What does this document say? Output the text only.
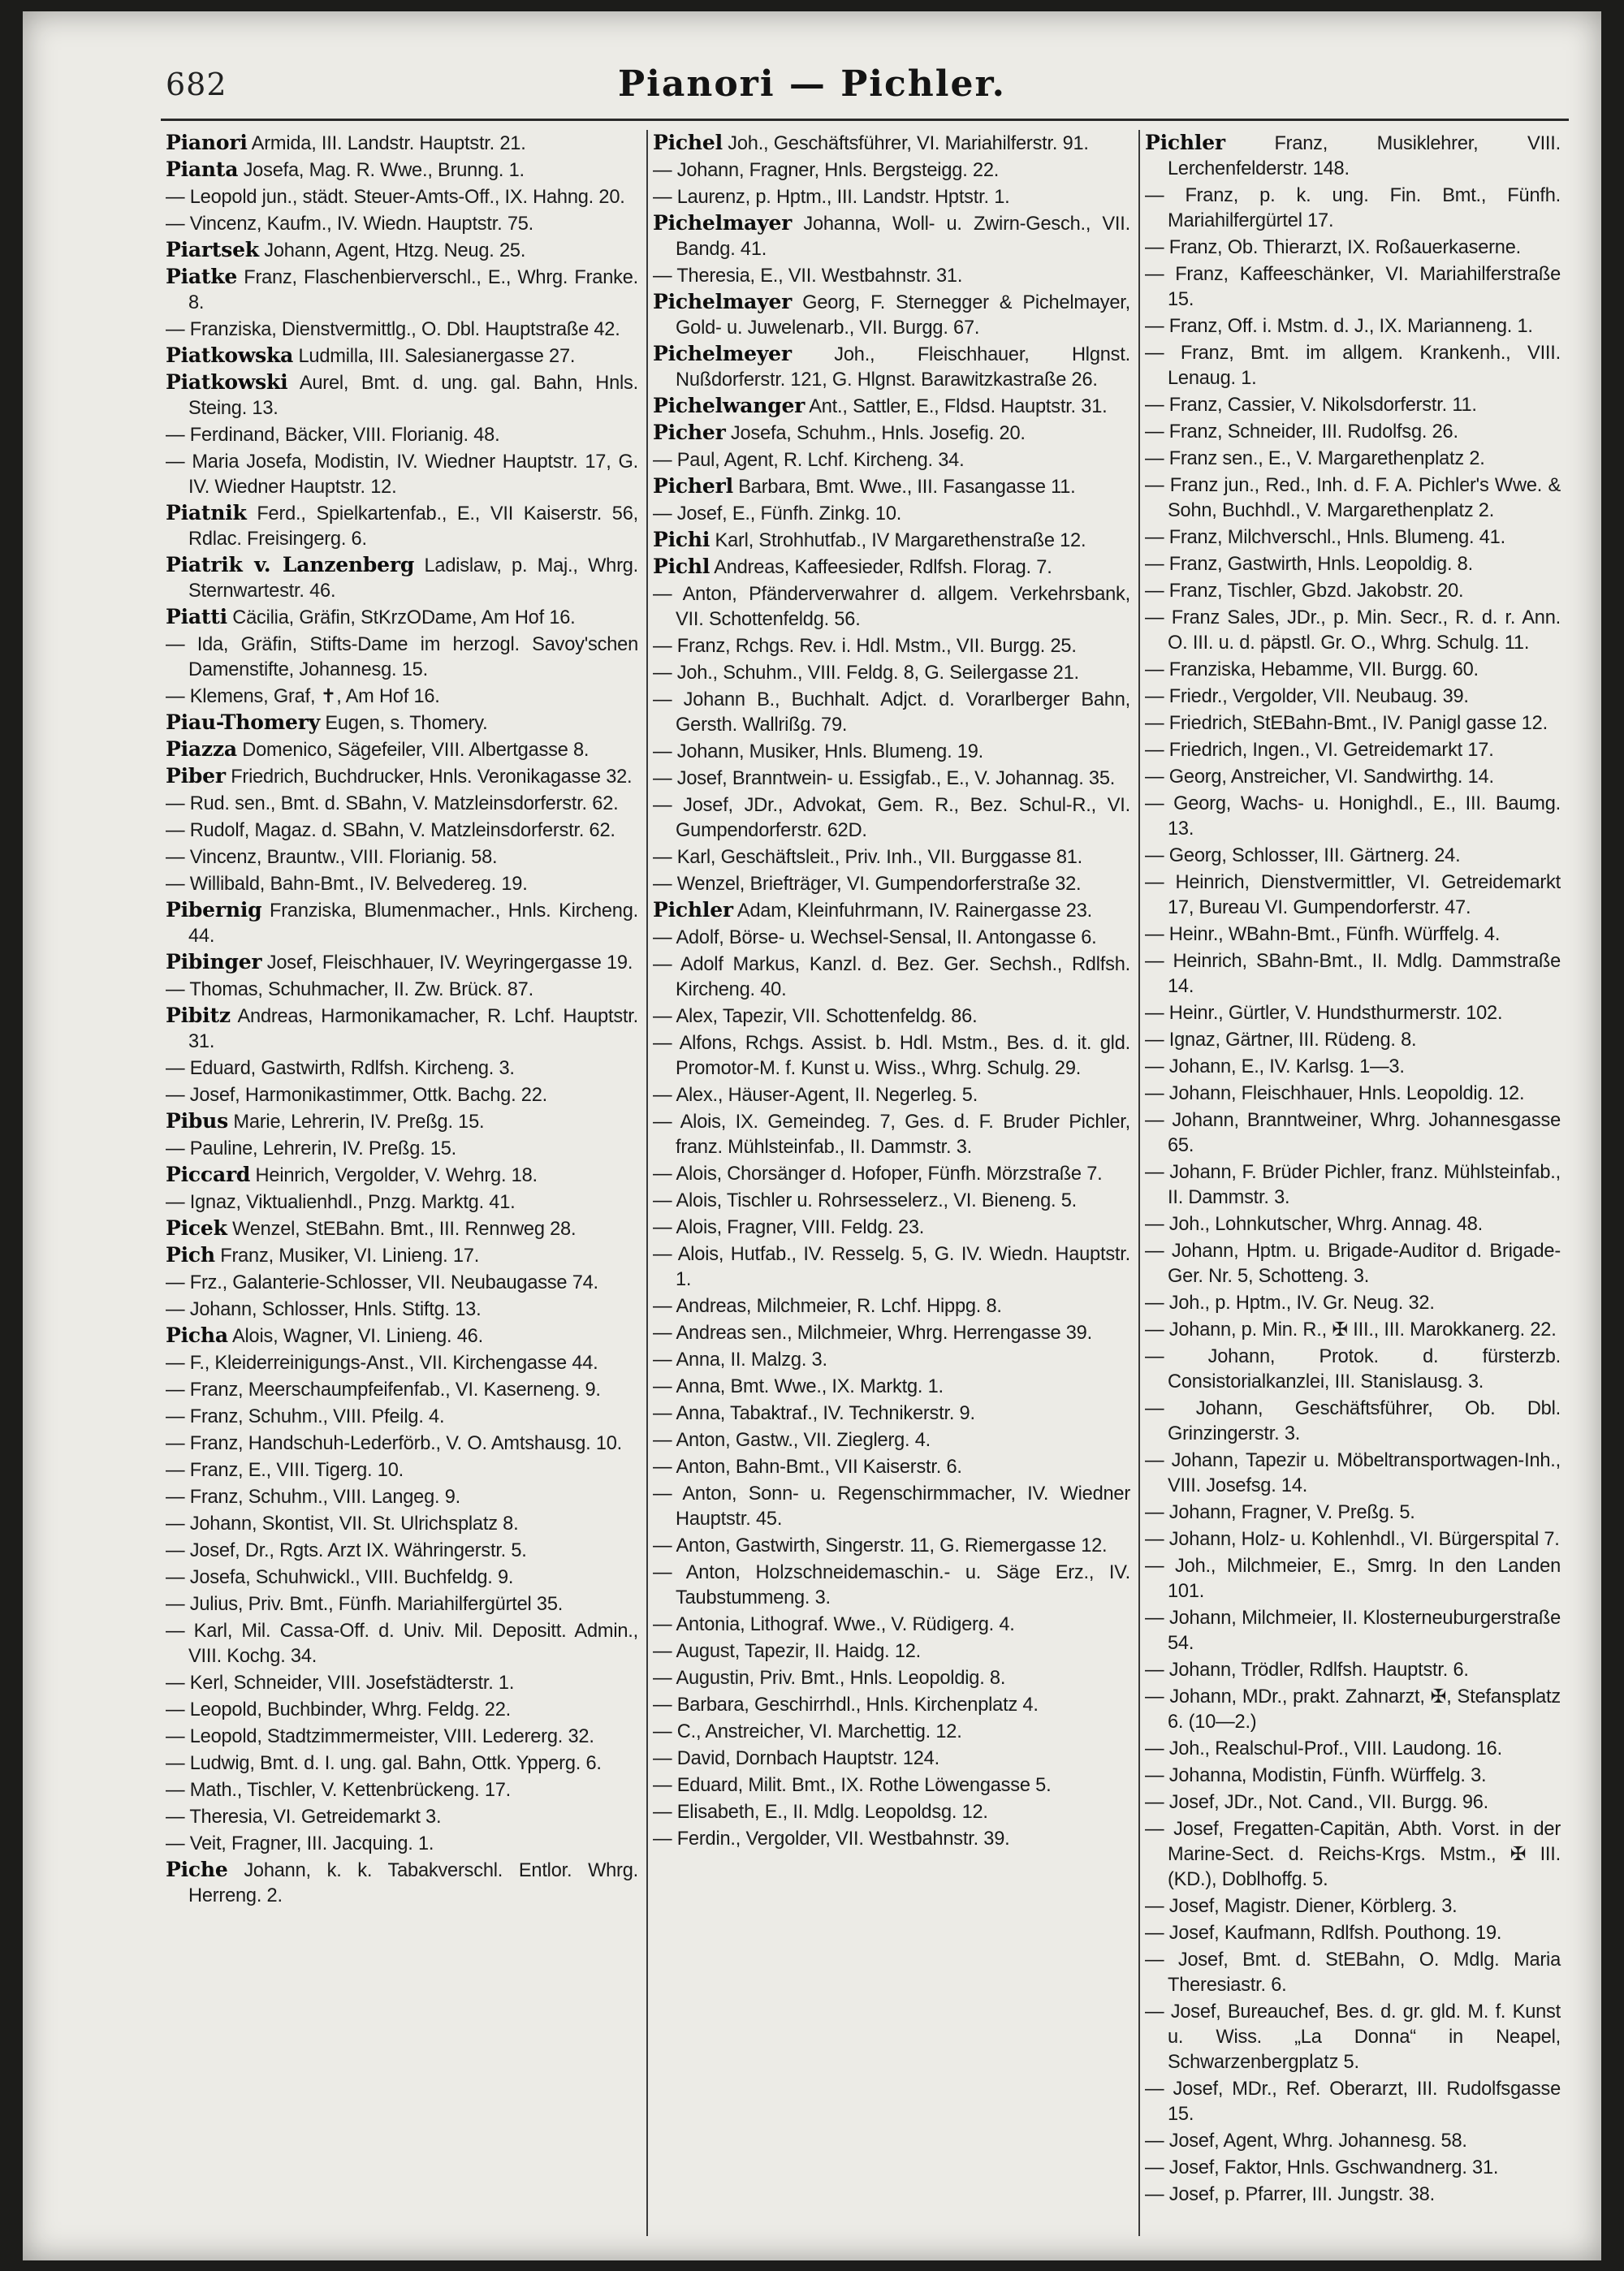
682	Pianori — Pichler.
Pianori Armida, III. Landstr. Hauptstr. 21.
Pianta Josefa, Mag. R. Wwe., Brunng. 1.
— Leopold jun., städt. Steuer-Amts-Off., IX. Hahng. 20.
— Vincenz, Kaufm., IV. Wiedn. Hauptstr. 75.
Piartsek Johann, Agent, Htzg. Neug. 25.
Piatke Franz, Flaschenbierverschl., E., Whrg. Franke. 8.
— Franziska, Dienstvermittlg., O. Dbl. Hauptstraße 42.
Piatkowska Ludmilla, III. Salesianergasse 27.
Piatkowski Aurel, Bmt. d. ung. gal. Bahn, Hnls. Steing. 13.
— Ferdinand, Bäcker, VIII. Florianig. 48.
— Maria Josefa, Modistin, IV. Wiedner Hauptstr. 17, G. IV. Wiedner Hauptstr. 12.
Piatnik Ferd., Spielkartenfab., E., VII Kaiserstr. 56, Rdlac. Freisingerg. 6.
Piatrik v. Lanzenberg Ladislaw, p. Maj., Whrg. Sternwartestr. 46.
Piatti Cäcilia, Gräfin, StKrzODame, Am Hof 16.
— Ida, Gräfin, Stifts-Dame im herzogl. Savoy'schen Damenstifte, Johannesg. 15.
— Klemens, Graf, ✝, Am Hof 16.
Piau-Thomery Eugen, s. Thomery.
Piazza Domenico, Sägefeiler, VIII. Albertgasse 8.
Piber Friedrich, Buchdrucker, Hnls. Veronikagasse 32.
— Rud. sen., Bmt. d. SBahn, V. Matzleinsdorferstr. 62.
— Rudolf, Magaz. d. SBahn, V. Matzleinsdorferstr. 62.
— Vincenz, Brauntw., VIII. Florianig. 58.
— Willibald, Bahn-Bmt., IV. Belvedereg. 19.
Pibernig Franziska, Blumenmacher., Hnls. Kircheng. 44.
Pibinger Josef, Fleischhauer, IV. Weyringergasse 19.
— Thomas, Schuhmacher, II. Zw. Brück. 87.
Pibitz Andreas, Harmonikamacher, R. Lchf. Hauptstr. 31.
— Eduard, Gastwirth, Rdlfsh. Kircheng. 3.
— Josef, Harmonikastimmer, Ottk. Bachg. 22.
Pibus Marie, Lehrerin, IV. Preßg. 15.
— Pauline, Lehrerin, IV. Preßg. 15.
Piccard Heinrich, Vergolder, V. Wehrg. 18.
— Ignaz, Viktualienhdl., Pnzg. Marktg. 41.
Picek Wenzel, StEBahn. Bmt., III. Rennweg 28.
Pich Franz, Musiker, VI. Linieng. 17.
— Frz., Galanterie-Schlosser, VII. Neubaugasse 74.
— Johann, Schlosser, Hnls. Stiftg. 13.
Picha Alois, Wagner, VI. Linieng. 46.
— F., Kleiderreinigungs-Anst., VII. Kirchengasse 44.
— Franz, Meerschaumpfeifenfab., VI. Kaserneng. 9.
— Franz, Schuhm., VIII. Pfeilg. 4.
— Franz, Handschuh-Lederförb., V. O. Amtshausg. 10.
— Franz, E., VIII. Tigerg. 10.
— Franz, Schuhm., VIII. Langeg. 9.
— Johann, Skontist, VII. St. Ulrichsplatz 8.
— Josef, Dr., Rgts. Arzt IX. Währingerstr. 5.
— Josefa, Schuhwickl., VIII. Buchfeldg. 9.
— Julius, Priv. Bmt., Fünfh. Mariahilfergürtel 35.
— Karl, Mil. Cassa-Off. d. Univ. Mil. Depositt. Admin., VIII. Kochg. 34.
— Kerl, Schneider, VIII. Josefstädterstr. 1.
— Leopold, Buchbinder, Whrg. Feldg. 22.
— Leopold, Stadtzimmermeister, VIII. Ledererg. 32.
— Ludwig, Bmt. d. I. ung. gal. Bahn, Ottk. Ypperg. 6.
— Math., Tischler, V. Kettenbrückeng. 17.
— Theresia, VI. Getreidemarkt 3.
— Veit, Fragner, III. Jacquing. 1.
Piche Johann, k. k. Tabakverschl. Entlor. Whrg. Herreng. 2.
Pichel Joh., Geschäftsführer, VI. Mariahilferstr. 91.
— Johann, Fragner, Hnls. Bergsteigg. 22.
— Laurenz, p. Hptm., III. Landstr. Hptstr. 1.
Pichelmayer Johanna, Woll- u. Zwirn-Gesch., VII. Bandg. 41.
— Theresia, E., VII. Westbahnstr. 31.
Pichelmayer Georg, F. Sternegger & Pichelmayer, Gold- u. Juwelenarb., VII. Burgg. 67.
Pichelmeyer Joh., Fleischhauer, Hlgnst. Nußdorferstr. 121, G. Hlgnst. Barawitzkastraße 26.
Pichelwanger Ant., Sattler, E., Fldsd. Hauptstr. 31.
Picher Josefa, Schuhm., Hnls. Josefig. 20.
— Paul, Agent, R. Lchf. Kircheng. 34.
Picherl Barbara, Bmt. Wwe., III. Fasangasse 11.
— Josef, E., Fünfh. Zinkg. 10.
Pichi Karl, Strohhutfab., IV Margarethenstraße 12.
Pichl Andreas, Kaffeesieder, Rdlfsh. Florag. 7.
— Anton, Pfänderverwahrer d. allgem. Verkehrsbank, VII. Schottenfeldg. 56.
— Franz, Rchgs. Rev. i. Hdl. Mstm., VII. Burgg. 25.
— Joh., Schuhm., VIII. Feldg. 8, G. Seilergasse 21.
— Johann B., Buchhalt. Adjct. d. Vorarlberger Bahn, Gersth. Wallrißg. 79.
— Johann, Musiker, Hnls. Blumeng. 19.
— Josef, Branntwein- u. Essigfab., E., V. Johannag. 35.
— Josef, JDr., Advokat, Gem. R., Bez. Schul-R., VI. Gumpendorferstr. 62D.
— Karl, Geschäftsleit., Priv. Inh., VII. Burggasse 81.
— Wenzel, Briefträger, VI. Gumpendorferstraße 32.
Pichler Adam, Kleinfuhrmann, IV. Rainergasse 23.
— Adolf, Börse- u. Wechsel-Sensal, II. Antongasse 6.
— Adolf Markus, Kanzl. d. Bez. Ger. Sechsh., Rdlfsh. Kircheng. 40.
— Alex, Tapezir, VII. Schottenfeldg. 86.
— Alfons, Rchgs. Assist. b. Hdl. Mstm., Bes. d. it. gld. Promotor-M. f. Kunst u. Wiss., Whrg. Schulg. 29.
— Alex., Häuser-Agent, II. Negerleg. 5.
— Alois, IX. Gemeindeg. 7, Ges. d. F. Bruder Pichler, franz. Mühlsteinfab., II. Dammstr. 3.
— Alois, Chorsänger d. Hofoper, Fünfh. Mörzstraße 7.
— Alois, Tischler u. Rohrsesselerz., VI. Bieneng. 5.
— Alois, Fragner, VIII. Feldg. 23.
— Alois, Hutfab., IV. Resselg. 5, G. IV. Wiedn. Hauptstr. 1.
— Andreas, Milchmeier, R. Lchf. Hippg. 8.
— Andreas sen., Milchmeier, Whrg. Herrengasse 39.
— Anna, II. Malzg. 3.
— Anna, Bmt. Wwe., IX. Marktg. 1.
— Anna, Tabaktraf., IV. Technikerstr. 9.
— Anton, Gastw., VII. Zieglerg. 4.
— Anton, Bahn-Bmt., VII Kaiserstr. 6.
— Anton, Sonn- u. Regenschirmmacher, IV. Wiedner Hauptstr. 45.
— Anton, Gastwirth, Singerstr. 11, G. Riemergasse 12.
— Anton, Holzschneidemaschin.- u. Säge Erz., IV. Taubstummeng. 3.
— Antonia, Lithograf. Wwe., V. Rüdigerg. 4.
— August, Tapezir, II. Haidg. 12.
— Augustin, Priv. Bmt., Hnls. Leopoldig. 8.
— Barbara, Geschirrhdl., Hnls. Kirchenplatz 4.
— C., Anstreicher, VI. Marchettig. 12.
— David, Dornbach Hauptstr. 124.
— Eduard, Milit. Bmt., IX. Rothe Löwengasse 5.
— Elisabeth, E., II. Mdlg. Leopoldsg. 12.
— Ferdin., Vergolder, VII. Westbahnstr. 39.
Pichler Franz, Musiklehrer, VIII. Lerchenfelderstr. 148.
— Franz, p. k. ung. Fin. Bmt., Fünfh. Mariahilfergürtel 17.
— Franz, Ob. Thierarzt, IX. Roßauerkaserne.
— Franz, Kaffeeschänker, VI. Mariahilferstraße 15.
— Franz, Off. i. Mstm. d. J., IX. Marianneng. 1.
— Franz, Bmt. im allgem. Krankenh., VIII. Lenaug. 1.
— Franz, Cassier, V. Nikolsdorferstr. 11.
— Franz, Schneider, III. Rudolfsg. 26.
— Franz sen., E., V. Margarethenplatz 2.
— Franz jun., Red., Inh. d. F. A. Pichler's Wwe. & Sohn, Buchhdl., V. Margarethenplatz 2.
— Franz, Milchverschl., Hnls. Blumeng. 41.
— Franz, Gastwirth, Hnls. Leopoldig. 8.
— Franz, Tischler, Gbzd. Jakobstr. 20.
— Franz Sales, JDr., p. Min. Secr., R. d. r. Ann. O. III. u. d. päpstl. Gr. O., Whrg. Schulg. 11.
— Franziska, Hebamme, VII. Burgg. 60.
— Friedr., Vergolder, VII. Neubaug. 39.
— Friedrich, StEBahn-Bmt., IV. Panigl gasse 12.
— Friedrich, Ingen., VI. Getreidemarkt 17.
— Georg, Anstreicher, VI. Sandwirthg. 14.
— Georg, Wachs- u. Honighdl., E., III. Baumg. 13.
— Georg, Schlosser, III. Gärtnerg. 24.
— Heinrich, Dienstvermittler, VI. Getreidemarkt 17, Bureau VI. Gumpendorferstr. 47.
— Heinr., WBahn-Bmt., Fünfh. Würffelg. 4.
— Heinrich, SBahn-Bmt., II. Mdlg. Dammstraße 14.
— Heinr., Gürtler, V. Hundsthurmerstr. 102.
— Ignaz, Gärtner, III. Rüdeng. 8.
— Johann, E., IV. Karlsg. 1—3.
— Johann, Fleischhauer, Hnls. Leopoldig. 12.
— Johann, Branntweiner, Whrg. Johannesgasse 65.
— Johann, F. Brüder Pichler, franz. Mühlsteinfab., II. Dammstr. 3.
— Joh., Lohnkutscher, Whrg. Annag. 48.
— Johann, Hptm. u. Brigade-Auditor d. Brigade-Ger. Nr. 5, Schotteng. 3.
— Joh., p. Hptm., IV. Gr. Neug. 32.
— Johann, p. Min. R., ✠ III., III. Marokkanerg. 22.
— Johann, Protok. d. fürsterzb. Consistorialkanzlei, III. Stanislausg. 3.
— Johann, Geschäftsführer, Ob. Dbl. Grinzingerstr. 3.
— Johann, Tapezir u. Möbeltransportwagen-Inh., VIII. Josefsg. 14.
— Johann, Fragner, V. Preßg. 5.
— Johann, Holz- u. Kohlenhdl., VI. Bürgerspital 7.
— Joh., Milchmeier, E., Smrg. In den Landen 101.
— Johann, Milchmeier, II. Klosterneuburgerstraße 54.
— Johann, Trödler, Rdlfsh. Hauptstr. 6.
— Johann, MDr., prakt. Zahnarzt, ✠, Stefansplatz 6. (10—2.)
— Joh., Realschul-Prof., VIII. Laudong. 16.
— Johanna, Modistin, Fünfh. Würffelg. 3.
— Josef, JDr., Not. Cand., VII. Burgg. 96.
— Josef, Fregatten-Capitän, Abth. Vorst. in der Marine-Sect. d. Reichs-Krgs. Mstm., ✠ III. (KD.), Doblhoffg. 5.
— Josef, Magistr. Diener, Körblerg. 3.
— Josef, Kaufmann, Rdlfsh. Pouthong. 19.
— Josef, Bmt. d. StEBahn, O. Mdlg. Maria Theresiastr. 6.
— Josef, Bureauchef, Bes. d. gr. gld. M. f. Kunst u. Wiss. „La Donna“ in Neapel, Schwarzenbergplatz 5.
— Josef, MDr., Ref. Oberarzt, III. Rudolfsgasse 15.
— Josef, Agent, Whrg. Johannesg. 58.
— Josef, Faktor, Hnls. Gschwandnerg. 31.
— Josef, p. Pfarrer, III. Jungstr. 38.
